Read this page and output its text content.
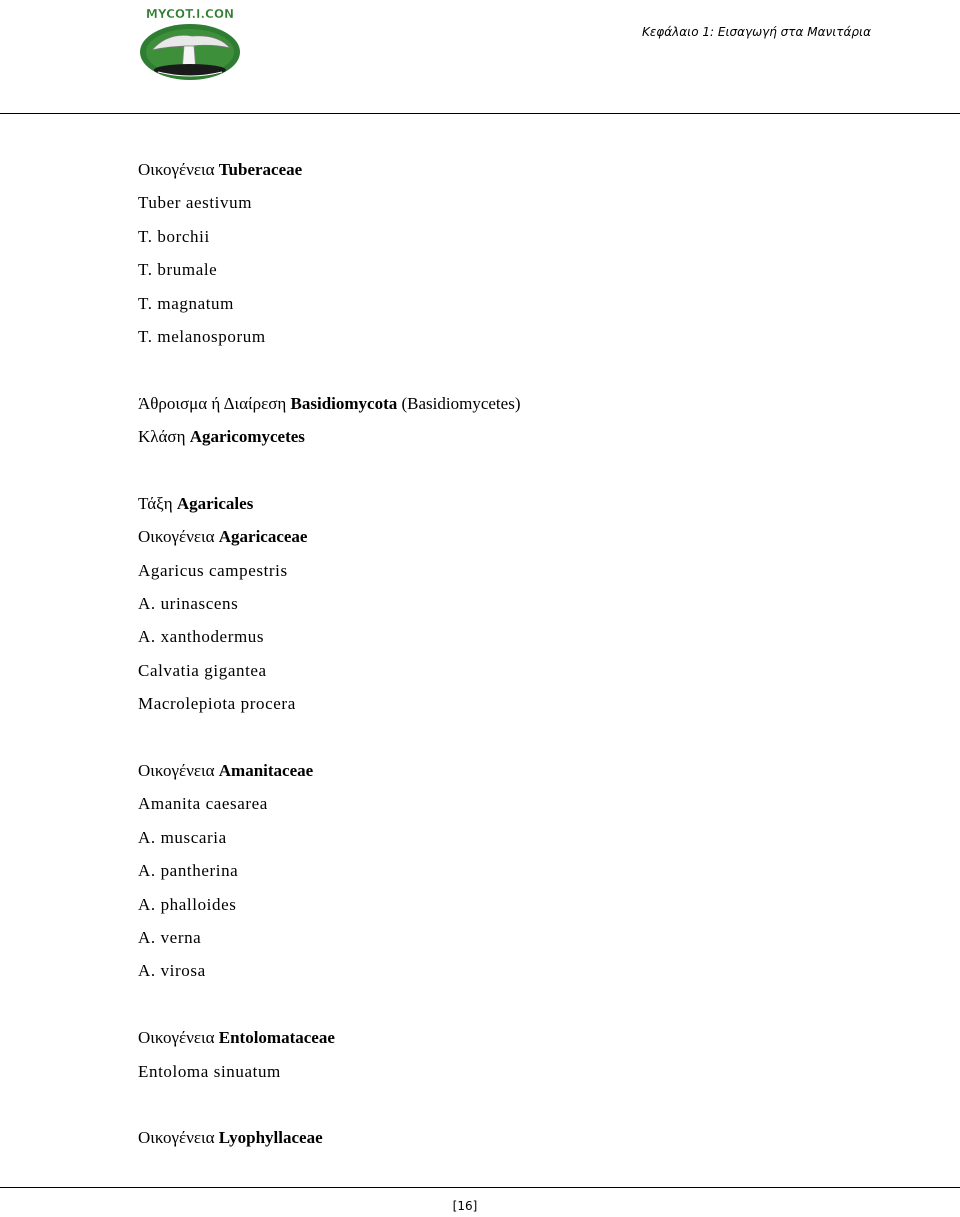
MYCOT.I.CON
Κεφάλαιο 1: Εισαγωγή στα Μανιτάρια
Οικογένεια Tuberaceae
Tuber aestivum
T. borchii
T. brumale
T. magnatum
T. melanosporum
Άθροισμα ή Διαίρεση Basidiomycota (Basidiomycetes)
Κλάση Agaricomycetes
Τάξη Agaricales
Οικογένεια Agaricaceae
Agaricus campestris
A. urinascens
A. xanthodermus
Calvatia gigantea
Macrolepiota procera
Οικογένεια Amanitaceae
Amanita caesarea
A. muscaria
A. pantherina
A. phalloides
A. verna
A. virosa
Οικογένεια Entolomataceae
Entoloma sinuatum
Οικογένεια Lyophyllaceae
[16]
